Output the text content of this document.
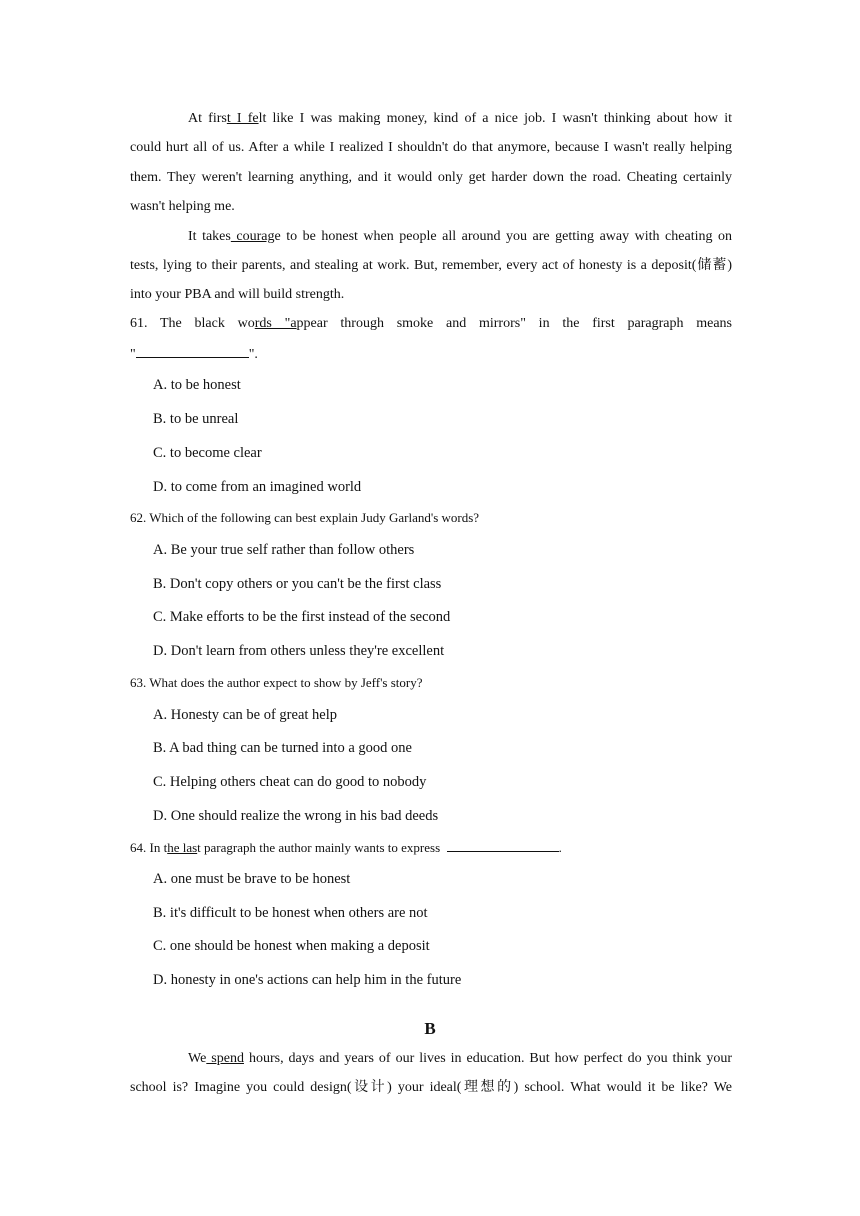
At first I felt like I was making money, kind of a nice job. I wasn't thinking about how it
could hurt all of us. After a while I realized I shouldn't do that anymore, because I wasn't really helping
them. They weren't learning anything, and it would only get harder down the road. Cheating certainly
wasn't helping me.
It takes courage to be honest when people all around you are getting away with cheating on
tests, lying to their parents, and stealing at work. But, remember, every act of honesty is a deposit(储蓄)
into your PBA and will build strength.
61. The black words "appear through smoke and mirrors" in the first paragraph means
"	".
A. to be honest
B. to be unreal
C. to become clear
D. to come from an imagined world
62. Which of the following can best explain Judy Garland's words?
A. Be your true self rather than follow others
B. Don't copy others or you can't be the first class
C. Make efforts to be the first instead of the second
D. Don't learn from others unless they're excellent
63. What does the author expect to show by Jeff's story?
A. Honesty can be of great help
B. A bad thing can be turned into a good one
C. Helping others cheat can do good to nobody
D. One should realize the wrong in his bad deeds
64. In the last paragraph the author mainly wants to express	.
A. one must be brave to be honest
B. it's difficult to be honest when others are not
C. one should be honest when making a deposit
D. honesty in one's actions can help him in the future
B
We spend hours, days and years of our lives in education. But how perfect do you think your
school is? Imagine you could design(设计) your ideal(理想的) school. What would it be like? We
